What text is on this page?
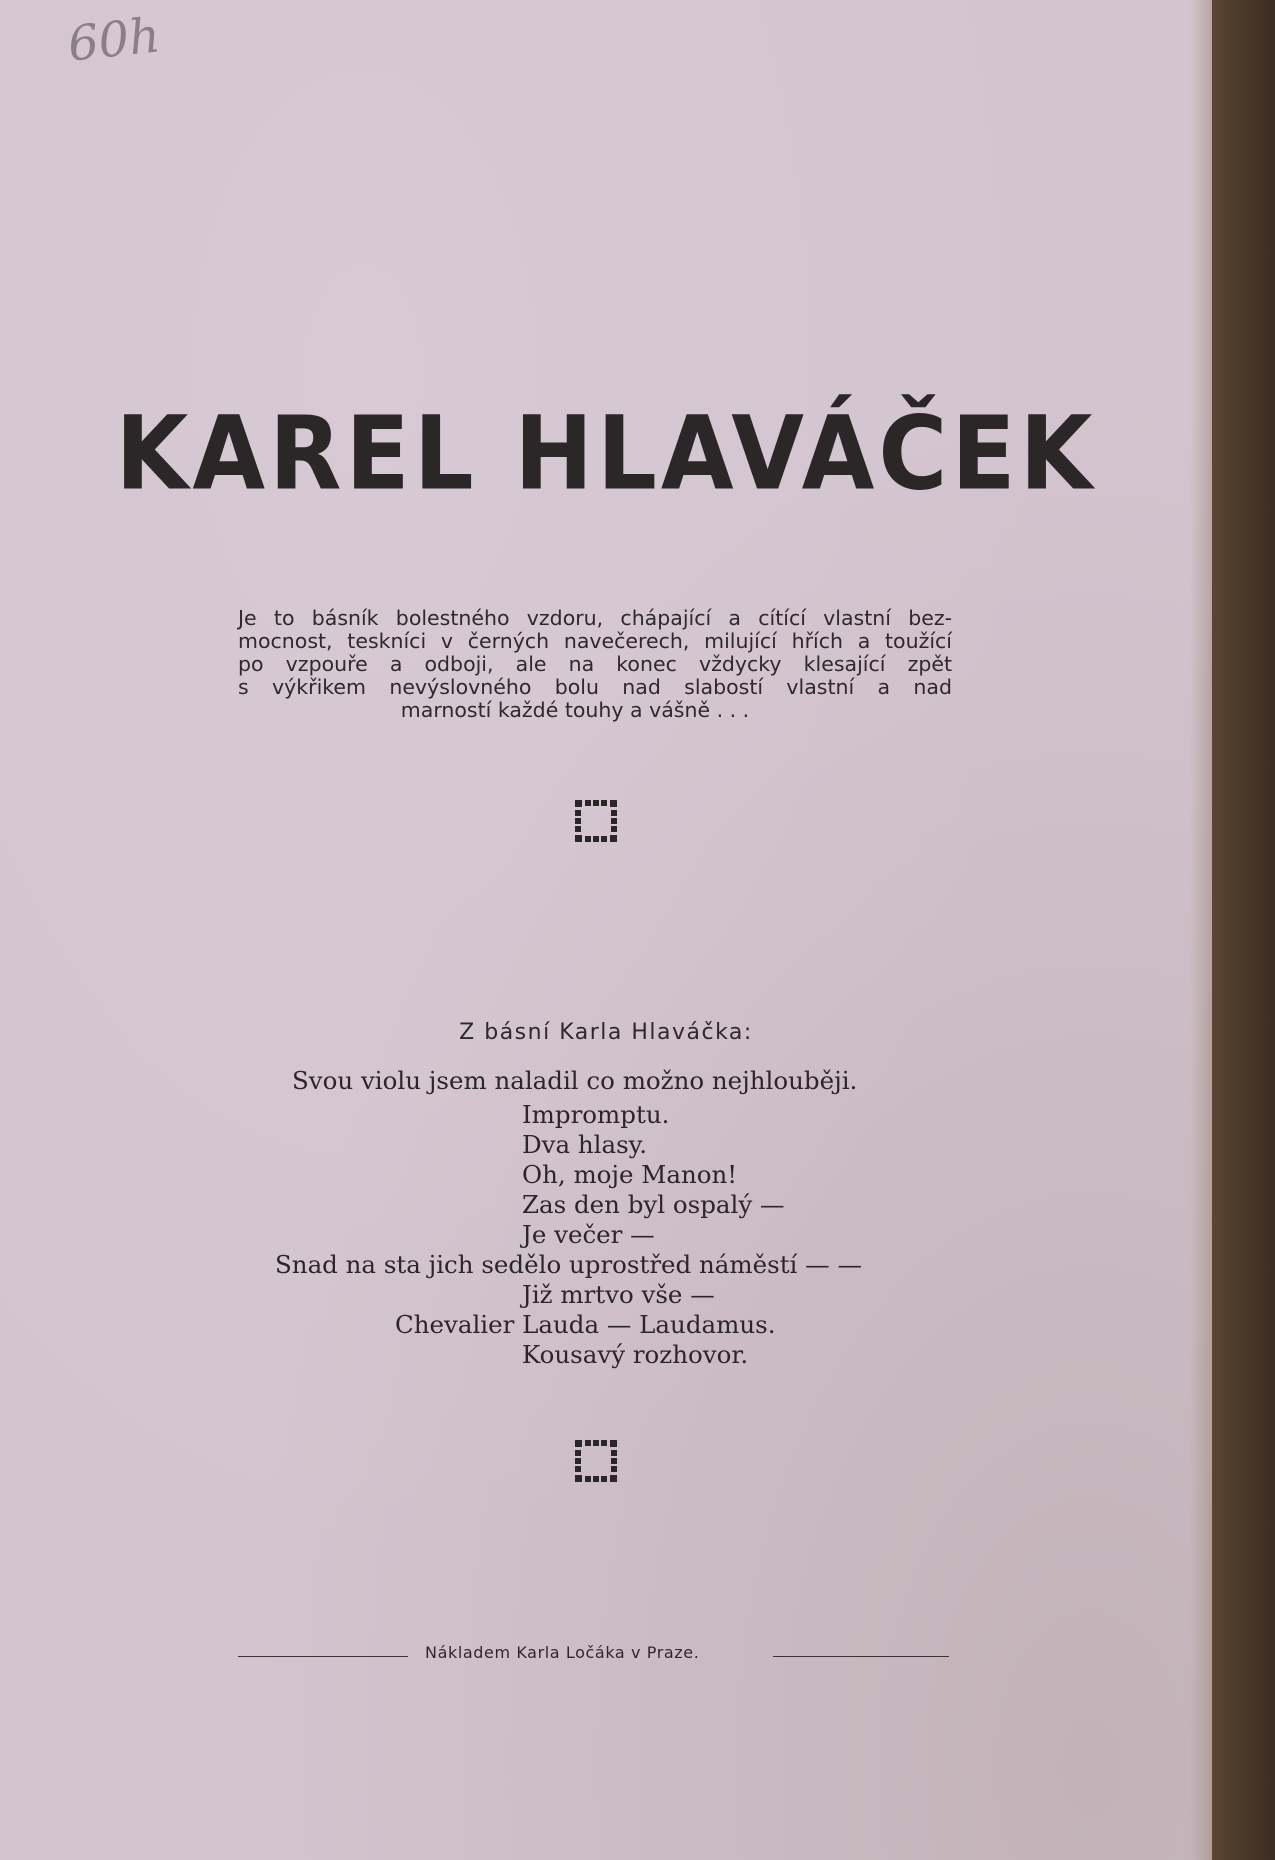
60h
KAREL HLAVÁČEK
Je to básník bolestného vzdoru, chápající a cítící vlastní bez-
mocnost, teskníci v černých navečerech, milující hřích a toužící
po vzpouře a odboji, ale na konec vždycky klesající zpět
s výkřikem nevýslovného bolu nad slabostí vlastní a nad
marností každé touhy a vášně . . .
Z básní Karla Hlaváčka:
Svou violu jsem naladil co možno nejhlouběji.
Impromptu.
Dva hlasy.
Oh, moje Manon!
Zas den byl ospalý —
Je večer —
Snad na sta jich sedělo uprostřed náměstí — —
Již mrtvo vše —
Chevalier Lauda — Laudamus.
Kousavý rozhovor.
Nákladem Karla Ločáka v Praze.
